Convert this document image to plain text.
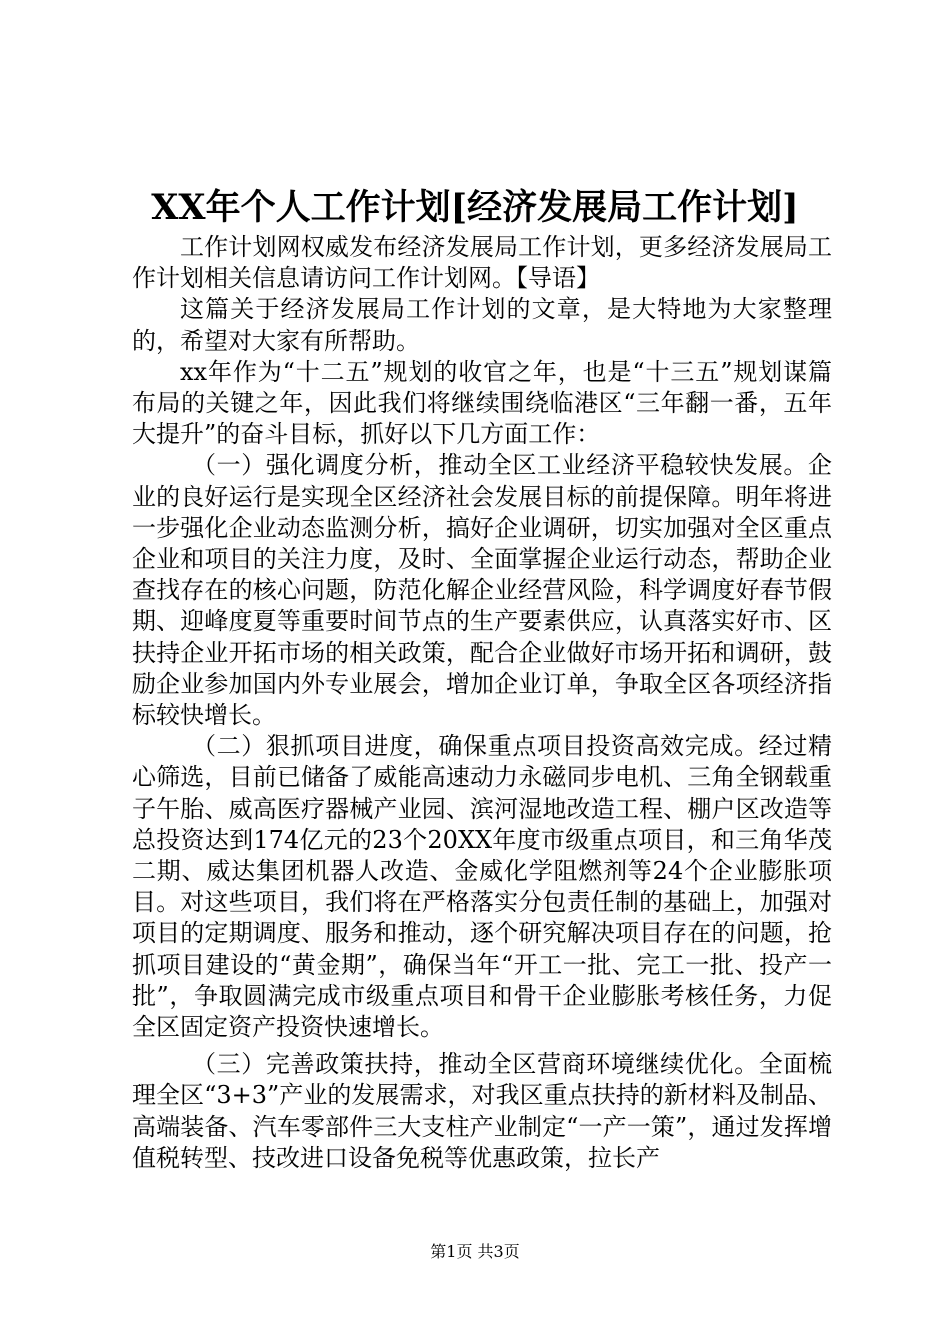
XX年个人工作计划[经济发展局工作计划]

工作计划网权威发布经济发展局工作计划，更多经济发展局工作计划相关信息请访问工作计划网。【导语】

这篇关于经济发展局工作计划的文章，是大特地为大家整理的，希望对大家有所帮助。

xx年作为“十二五”规划的收官之年，也是“十三五”规划谋篇布局的关键之年，因此我们将继续围绕临港区“三年翻一番，五年大提升”的奋斗目标，抓好以下几方面工作：

（一）强化调度分析，推动全区工业经济平稳较快发展。企业的良好运行是实现全区经济社会发展目标的前提保障。明年将进一步强化企业动态监测分析，搞好企业调研，切实加强对全区重点企业和项目的关注力度，及时、全面掌握企业运行动态，帮助企业查找存在的核心问题，防范化解企业经营风险，科学调度好春节假期、迎峰度夏等重要时间节点的生产要素供应，认真落实好市、区扶持企业开拓市场的相关政策，配合企业做好市场开拓和调研，鼓励企业参加国内外专业展会，增加企业订单，争取全区各项经济指标较快增长。

（二）狠抓项目进度，确保重点项目投资高效完成。经过精心筛选，目前已储备了威能高速动力永磁同步电机、三角全钢载重子午胎、威高医疗器械产业园、滨河湿地改造工程、棚户区改造等总投资达到174亿元的23个20XX年度市级重点项目，和三角华茂二期、威达集团机器人改造、金威化学阻燃剂等24个企业膨胀项目。对这些项目，我们将在严格落实分包责任制的基础上，加强对项目的定期调度、服务和推动，逐个研究解决项目存在的问题，抢抓项目建设的“黄金期”，确保当年“开工一批、完工一批、投产一批”，争取圆满完成市级重点项目和骨干企业膨胀考核任务，力促全区固定资产投资快速增长。

（三）完善政策扶持，推动全区营商环境继续优化。全面梳理全区“3+3”产业的发展需求，对我区重点扶持的新材料及制品、高端装备、汽车零部件三大支柱产业制定“一产一策”，通过发挥增值税转型、技改进口设备免税等优惠政策，拉长产

第1页 共3页
